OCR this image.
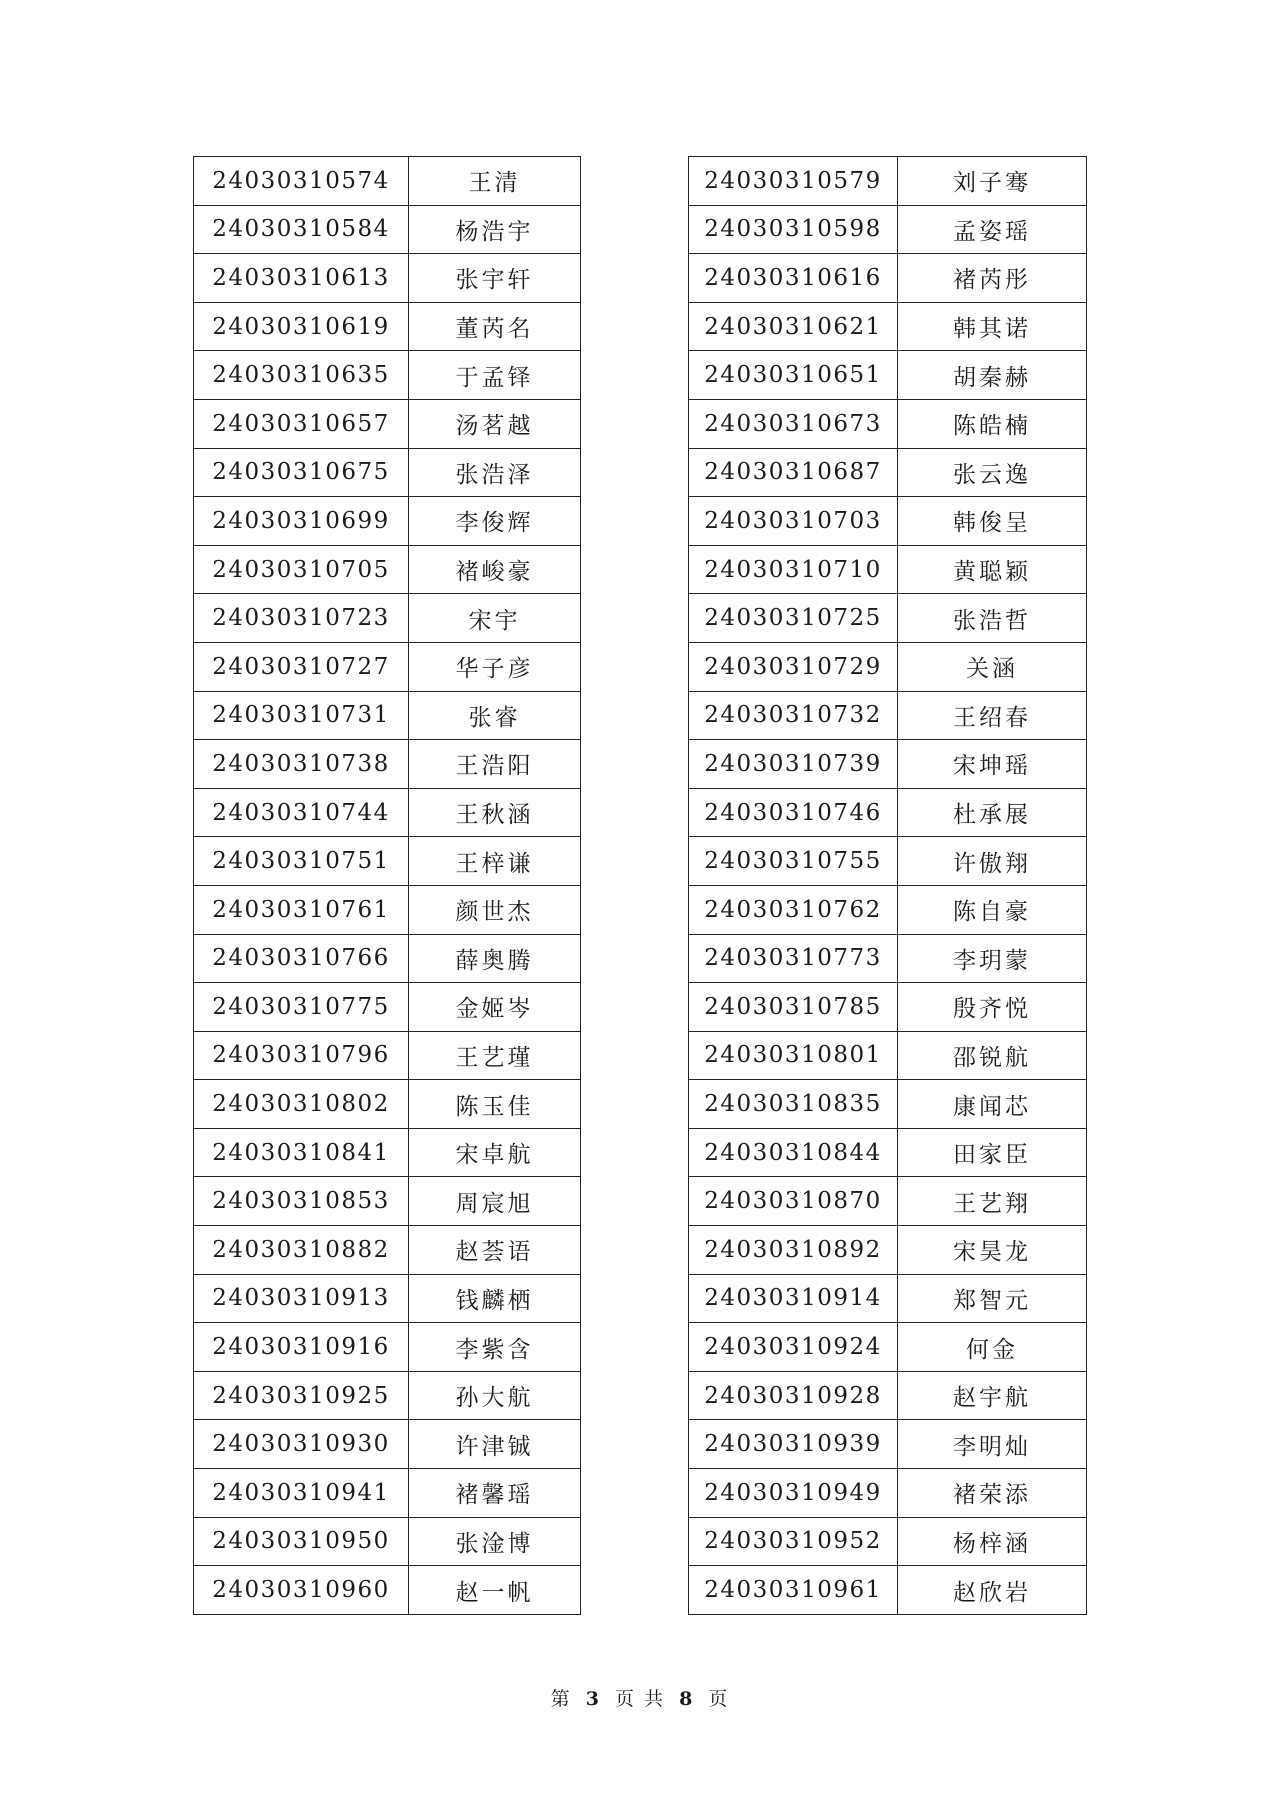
24030310574	王清
24030310584	杨浩宇
24030310613	张宇轩
24030310619	董芮名
24030310635	于孟铎
24030310657	汤茗越
24030310675	张浩泽
24030310699	李俊辉
24030310705	褚峻豪
24030310723	宋宇
24030310727	华子彦
24030310731	张睿
24030310738	王浩阳
24030310744	王秋涵
24030310751	王梓谦
24030310761	颜世杰
24030310766	薛奥腾
24030310775	金姬岑
24030310796	王艺瑾
24030310802	陈玉佳
24030310841	宋卓航
24030310853	周宸旭
24030310882	赵荟语
24030310913	钱麟栖
24030310916	李紫含
24030310925	孙大航
24030310930	许津铖
24030310941	褚馨瑶
24030310950	张淦博
24030310960	赵一帆
24030310579	刘子骞
24030310598	孟姿瑶
24030310616	褚芮彤
24030310621	韩其诺
24030310651	胡秦赫
24030310673	陈皓楠
24030310687	张云逸
24030310703	韩俊呈
24030310710	黄聪颖
24030310725	张浩哲
24030310729	关涵
24030310732	王绍春
24030310739	宋坤瑶
24030310746	杜承展
24030310755	许傲翔
24030310762	陈自豪
24030310773	李玥蒙
24030310785	殷齐悦
24030310801	邵锐航
24030310835	康闻芯
24030310844	田家臣
24030310870	王艺翔
24030310892	宋昊龙
24030310914	郑智元
24030310924	何金
24030310928	赵宇航
24030310939	李明灿
24030310949	褚荣添
24030310952	杨梓涵
24030310961	赵欣岩
第 3 页 共 8 页
